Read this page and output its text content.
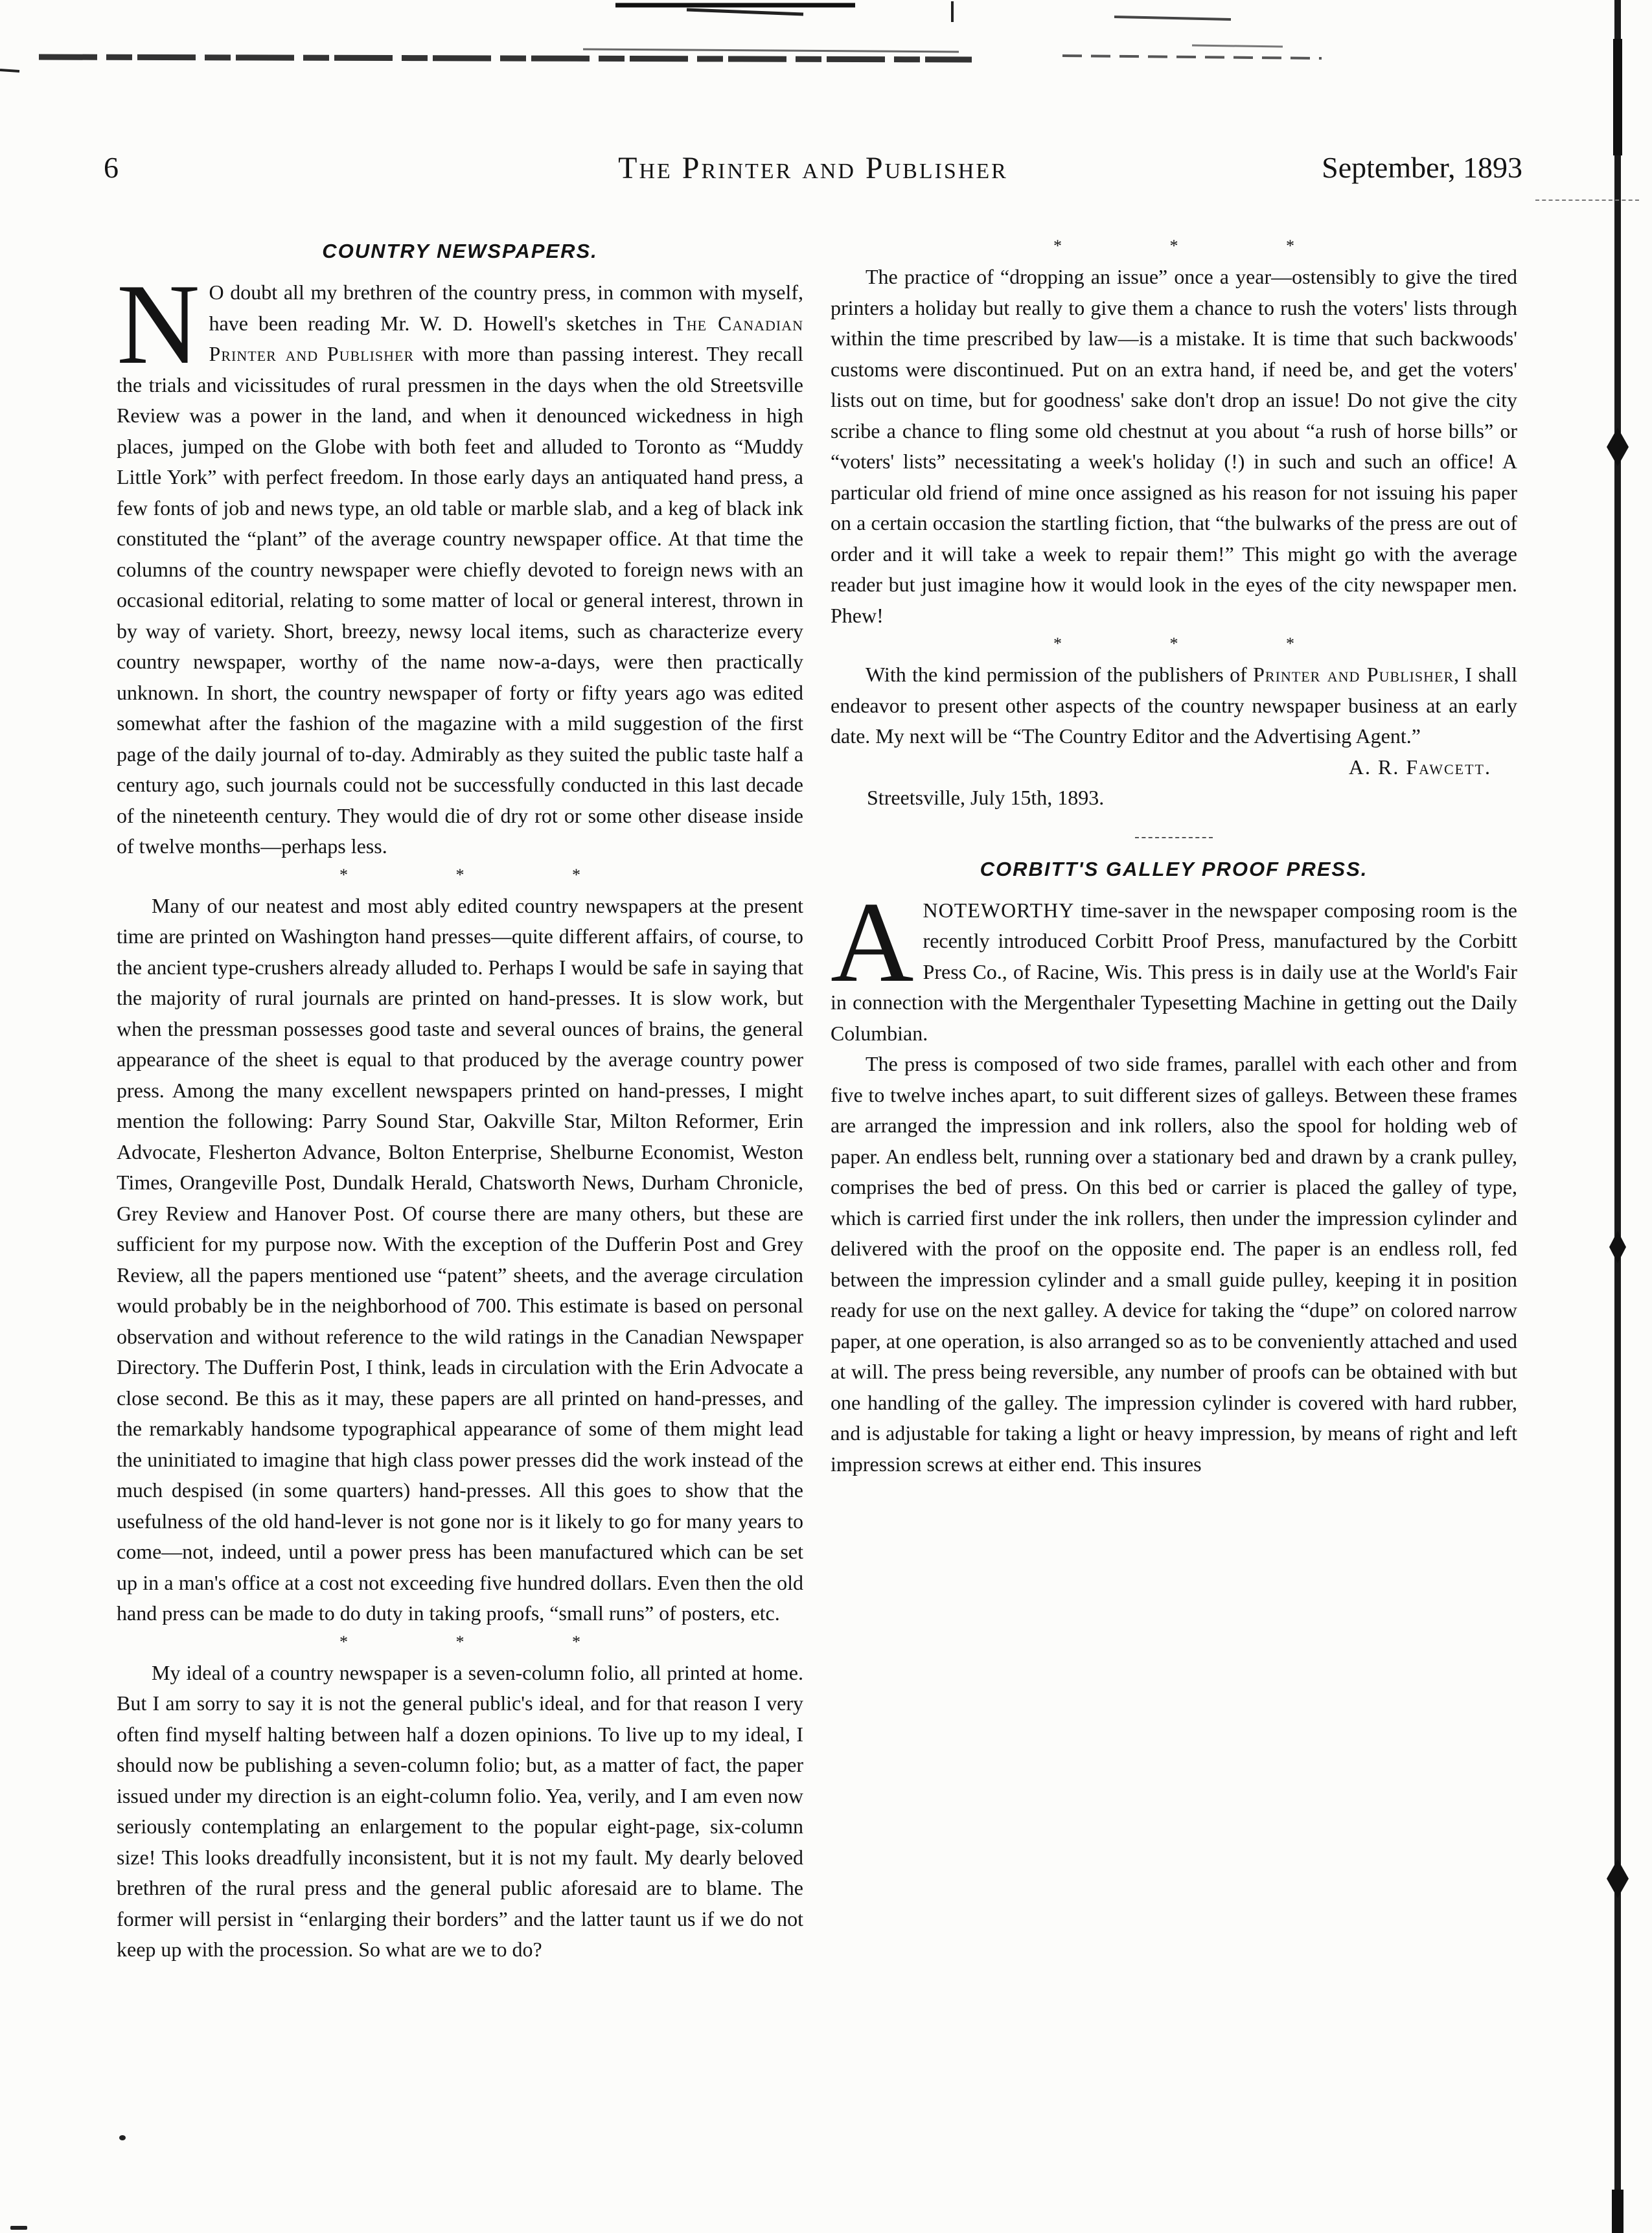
6	The Printer and Publisher	September, 1893
COUNTRY NEWSPAPERS.

N O doubt all my brethren of the country press, in common with myself, have been reading Mr. W. D. Howell's sketches in The Canadian Printer and Publisher with more than passing interest. They recall the trials and vicissitudes of rural pressmen in the days when the old Streetsville Review was a power in the land, and when it denounced wickedness in high places, jumped on the Globe with both feet and alluded to Toronto as “Muddy Little York” with perfect freedom. In those early days an antiquated hand press, a few fonts of job and news type, an old table or marble slab, and a keg of black ink constituted the “plant” of the average country newspaper office. At that time the columns of the country newspaper were chiefly devoted to foreign news with an occasional editorial, relating to some matter of local or general interest, thrown in by way of variety. Short, breezy, newsy local items, such as characterize every country newspaper, worthy of the name now-a-days, were then practically unknown. In short, the country newspaper of forty or fifty years ago was edited somewhat after the fashion of the magazine with a mild suggestion of the first page of the daily journal of to-day. Admirably as they suited the public taste half a century ago, such journals could not be successfully conducted in this last decade of the nineteenth century. They would die of dry rot or some other disease inside of twelve months—perhaps less.

* * *

Many of our neatest and most ably edited country newspapers at the present time are printed on Washington hand presses—quite different affairs, of course, to the ancient type-crushers already alluded to. Perhaps I would be safe in saying that the majority of rural journals are printed on hand-presses. It is slow work, but when the pressman possesses good taste and several ounces of brains, the general appearance of the sheet is equal to that produced by the average country power press. Among the many excellent newspapers printed on hand-presses, I might mention the following: Parry Sound Star, Oakville Star, Milton Reformer, Erin Advocate, Flesherton Advance, Bolton Enterprise, Shelburne Economist, Weston Times, Orangeville Post, Dundalk Herald, Chatsworth News, Durham Chronicle, Grey Review and Hanover Post. Of course there are many others, but these are sufficient for my purpose now. With the exception of the Dufferin Post and Grey Review, all the papers mentioned use “patent” sheets, and the average circulation would probably be in the neighborhood of 700. This estimate is based on personal observation and without reference to the wild ratings in the Canadian Newspaper Directory. The Dufferin Post, I think, leads in circulation with the Erin Advocate a close second. Be this as it may, these papers are all printed on hand-presses, and the remarkably handsome typographical appearance of some of them might lead the uninitiated to imagine that high class power presses did the work instead of the much despised (in some quarters) hand-presses. All this goes to show that the usefulness of the old hand-lever is not gone nor is it likely to go for many years to come—not, indeed, until a power press has been manufactured which can be set up in a man's office at a cost not exceeding five hundred dollars. Even then the old hand press can be made to do duty in taking proofs, “small runs” of posters, etc.

* * *

My ideal of a country newspaper is a seven-column folio, all printed at home. But I am sorry to say it is not the general public's ideal, and for that reason I very often find myself halting between half a dozen opinions. To live up to my ideal, I should now be publishing a seven-column folio; but, as a matter of fact, the paper issued under my direction is an eight-column folio. Yea, verily, and I am even now seriously contemplating an enlargement to the popular eight-page, six-column size! This looks dreadfully inconsistent, but it is not my fault. My dearly beloved brethren of the rural press and the general public aforesaid are to blame. The former will persist in “enlarging their borders” and the latter taunt us if we do not keep up with the procession. So what are we to do?

* * *

The practice of “dropping an issue” once a year—ostensibly to give the tired printers a holiday but really to give them a chance to rush the voters' lists through within the time prescribed by law—is a mistake. It is time that such backwoods' customs were discontinued. Put on an extra hand, if need be, and get the voters' lists out on time, but for goodness' sake don't drop an issue! Do not give the city scribe a chance to fling some old chestnut at you about “a rush of horse bills” or “voters' lists” necessitating a week's holiday (!) in such and such an office! A particular old friend of mine once assigned as his reason for not issuing his paper on a certain occasion the startling fiction, that “the bulwarks of the press are out of order and it will take a week to repair them!” This might go with the average reader but just imagine how it would look in the eyes of the city newspaper men. Phew!

* * *

With the kind permission of the publishers of Printer and Publisher, I shall endeavor to present other aspects of the country newspaper business at an early date. My next will be “The Country Editor and the Advertising Agent.”

A. R. Fawcett.
Streetsville, July 15th, 1893.
CORBITT'S GALLEY PROOF PRESS.

ANOTEWORTHY time-saver in the newspaper composing room is the recently introduced Corbitt Proof Press, manufactured by the Corbitt Press Co., of Racine, Wis. This press is in daily use at the World's Fair in connection with the Mergenthaler Typesetting Machine in getting out the Daily Columbian.

The press is composed of two side frames, parallel with each other and from five to twelve inches apart, to suit different sizes of galleys. Between these frames are arranged the impression and ink rollers, also the spool for holding web of paper. An endless belt, running over a stationary bed and drawn by a crank pulley, comprises the bed of press. On this bed or carrier is placed the galley of type, which is carried first under the ink rollers, then under the impression cylinder and delivered with the proof on the opposite end. The paper is an endless roll, fed between the impression cylinder and a small guide pulley, keeping it in position ready for use on the next galley. A device for taking the “dupe” on colored narrow paper, at one operation, is also arranged so as to be conveniently attached and used at will. The press being reversible, any number of proofs can be obtained with but one handling of the galley. The impression cylinder is covered with hard rubber, and is adjustable for taking a light or heavy impression, by means of right and left impression screws at either end. This insures
